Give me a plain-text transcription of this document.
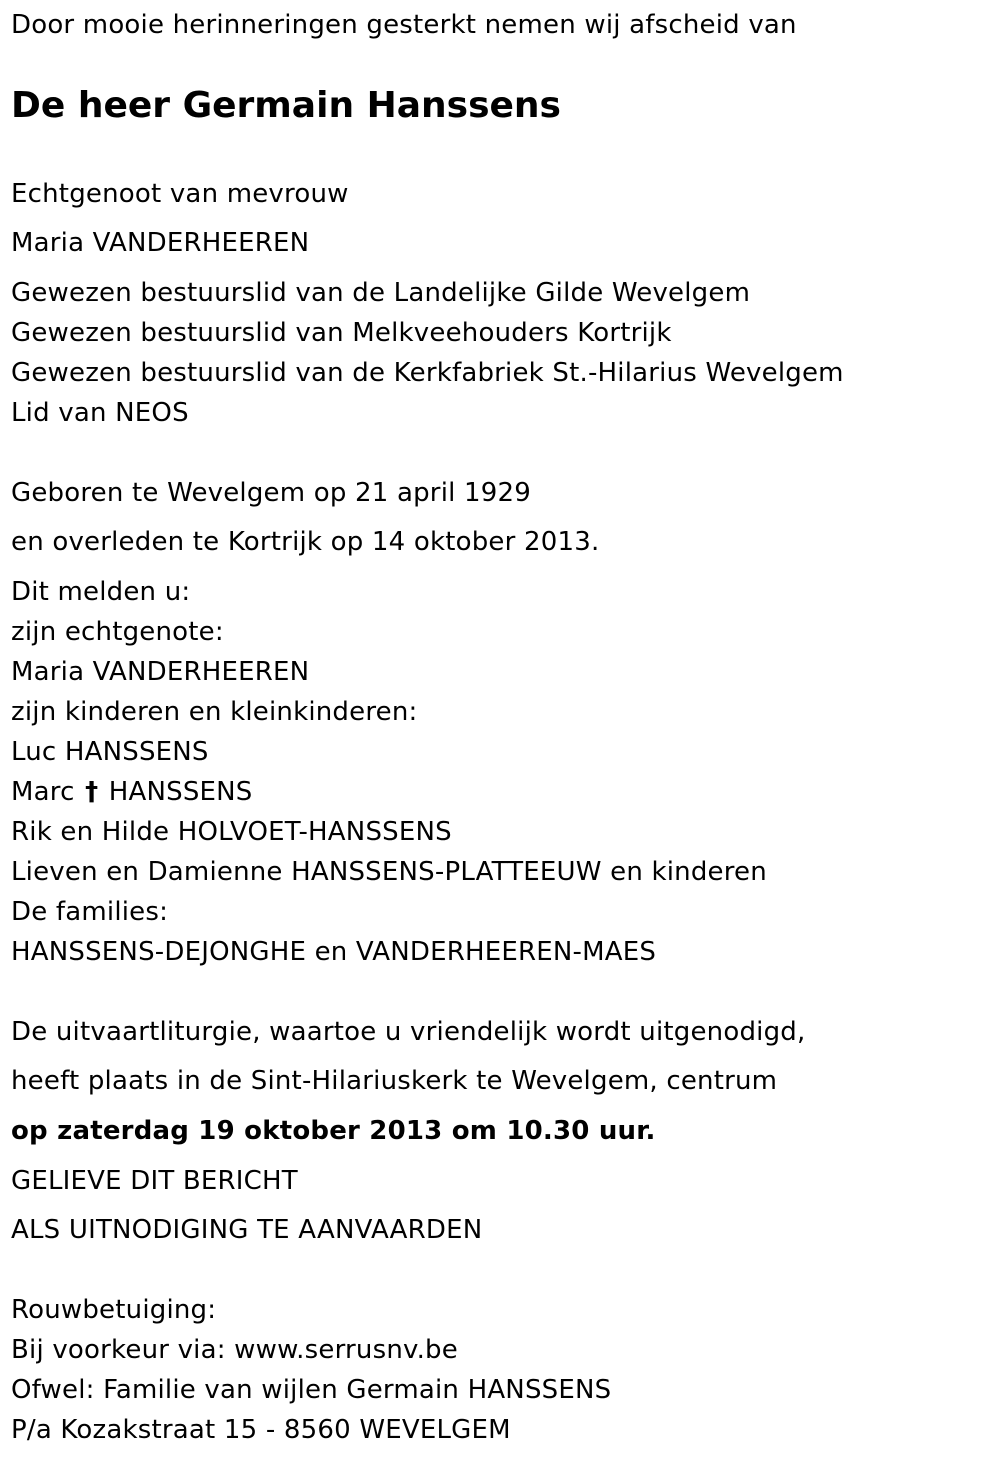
Door mooie herinneringen gesterkt nemen wij afscheid van
De heer Germain Hanssens
Echtgenoot van mevrouw
Maria VANDERHEEREN
Gewezen bestuurslid van de Landelijke Gilde Wevelgem
Gewezen bestuurslid van Melkveehouders Kortrijk
Gewezen bestuurslid van de Kerkfabriek St.-Hilarius Wevelgem
Lid van NEOS
Geboren te Wevelgem op 21 april 1929
en overleden te Kortrijk op 14 oktober 2013.
Dit melden u:
zijn echtgenote:
Maria VANDERHEEREN
zijn kinderen en kleinkinderen:
Luc HANSSENS
Marc † HANSSENS
Rik en Hilde HOLVOET-HANSSENS
Lieven en Damienne HANSSENS-PLATTEEUW en kinderen
De families:
HANSSENS-DEJONGHE en VANDERHEEREN-MAES
De uitvaartliturgie, waartoe u vriendelijk wordt uitgenodigd,
heeft plaats in de Sint-Hilariuskerk te Wevelgem, centrum
op zaterdag 19 oktober 2013 om 10.30 uur.
GELIEVE DIT BERICHT
ALS UITNODIGING TE AANVAARDEN
Rouwbetuiging:
Bij voorkeur via: www.serrusnv.be
Ofwel: Familie van wijlen Germain HANSSENS
P/a Kozakstraat 15 - 8560 WEVELGEM
